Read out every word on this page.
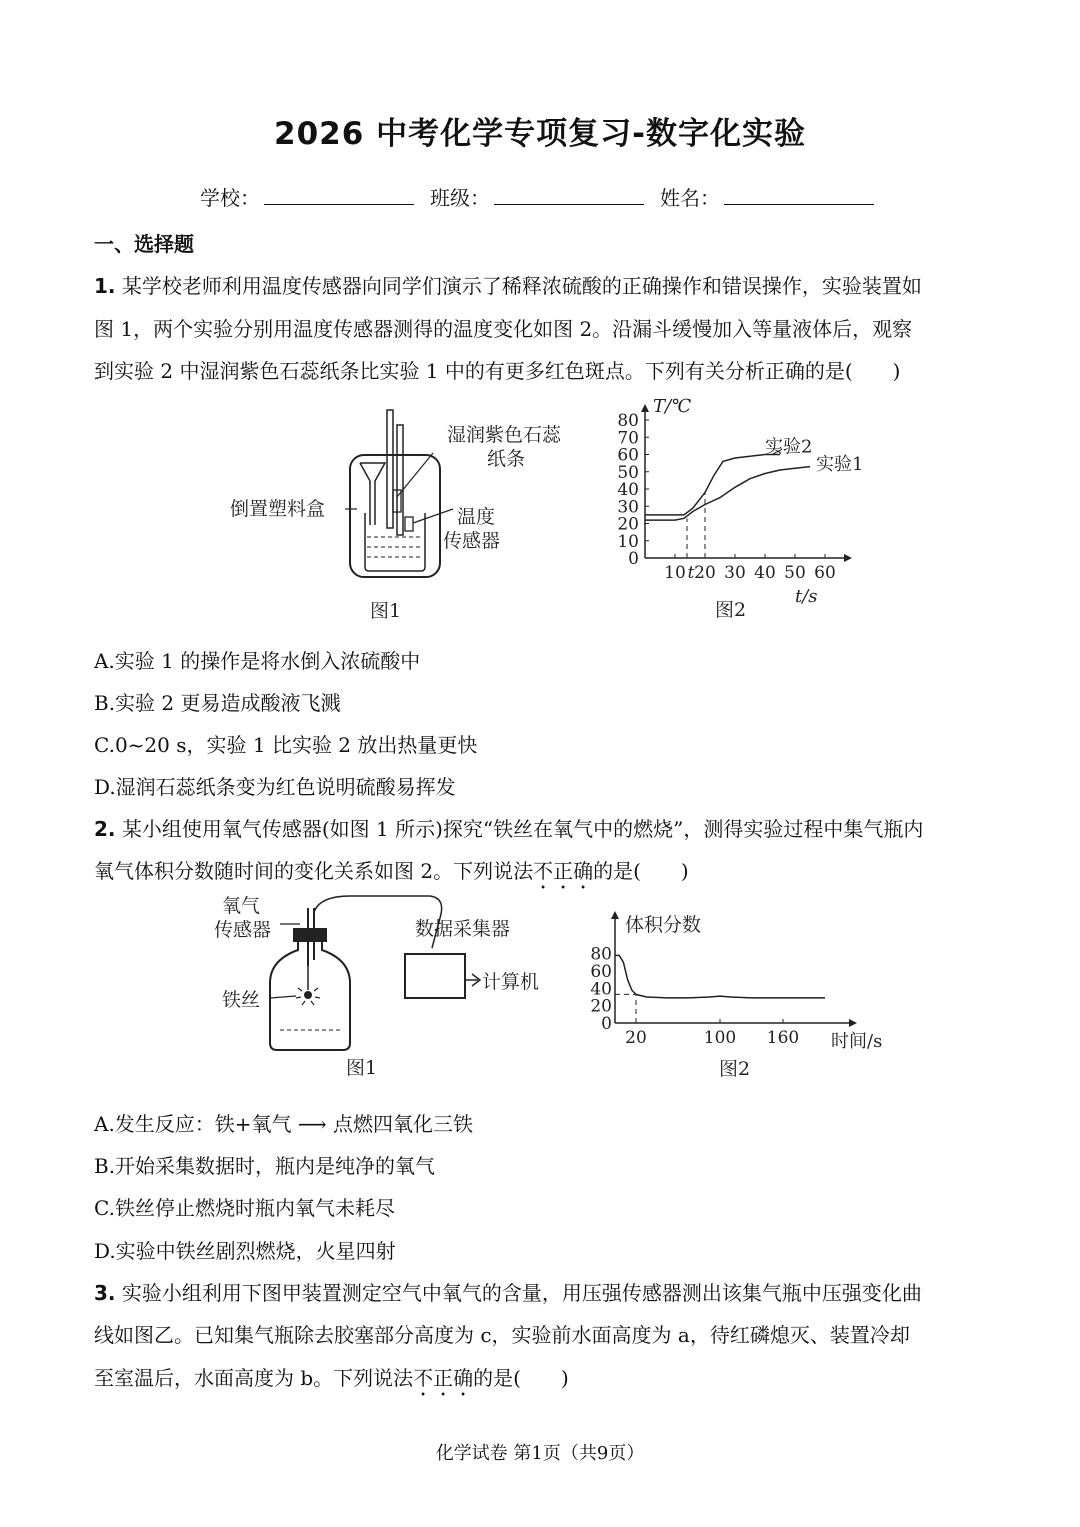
2026 中考化学专项复习-数字化实验
学校：	班级：	姓名：
一、选择题
1. 某学校老师利用温度传感器向同学们演示了稀释浓硫酸的正确操作和错误操作，实验装置如
图 1，两个实验分别用温度传感器测得的温度变化如图 2。沿漏斗缓慢加入等量液体后，观察
到实验 2 中湿润紫色石蕊纸条比实验 1 中的有更多红色斑点。下列有关分析正确的是(　　)
湿润紫色石蕊
纸条
倒置塑料盒	温度
传感器
图1	图2
0
10
20
30
40
50
60
70
80
10 20 30 40 50 60
t
实验2
实验1
T/℃
t/s
A.实验 1 的操作是将水倒入浓硫酸中
B.实验 2 更易造成酸液飞溅
C.0~20 s，实验 1 比实验 2 放出热量更快
D.湿润石蕊纸条变为红色说明硫酸易挥发
2. 某小组使用氧气传感器(如图 1 所示)探究“铁丝在氧气中的燃烧”，测得实验过程中集气瓶内
氧气体积分数随时间的变化关系如图 2。下列说法不正确的是(　　)
氧气
传感器
铁丝
数据采集器
计算机
图1	图2
0
20
40
60
80
20	100 160
体积分数
时间/s
A.发生反应：铁+氧气 ⟶ 点燃四氧化三铁
B.开始采集数据时，瓶内是纯净的氧气
C.铁丝停止燃烧时瓶内氧气未耗尽
D.实验中铁丝剧烈燃烧，火星四射
3. 实验小组利用下图甲装置测定空气中氧气的含量，用压强传感器测出该集气瓶中压强变化曲
线如图乙。已知集气瓶除去胶塞部分高度为 c，实验前水面高度为 a，待红磷熄灭、装置冷却
至室温后，水面高度为 b。下列说法不正确的是(　　)
化学试卷 第1页（共9页）
